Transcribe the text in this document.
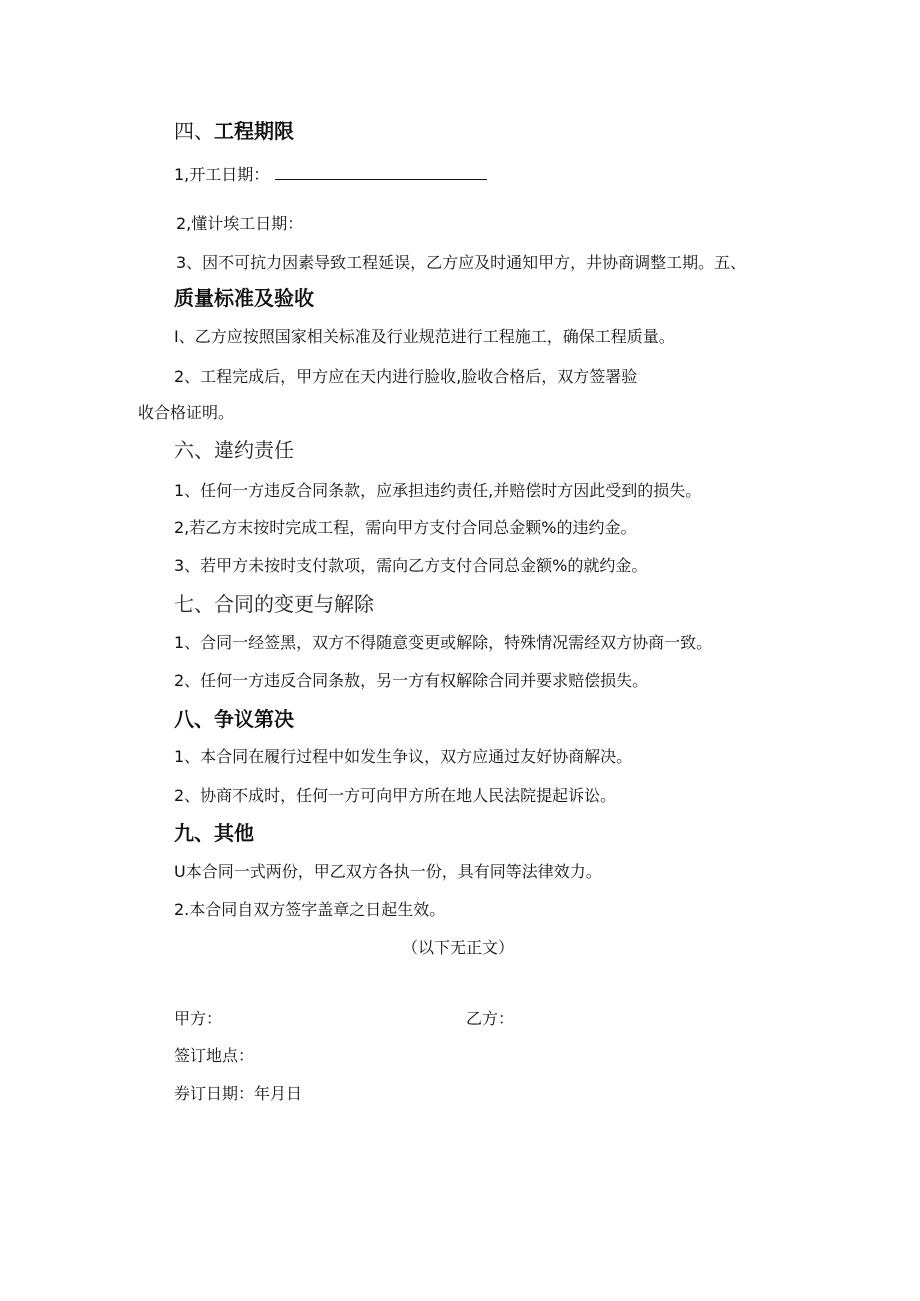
四、工程期限
1,开工日期：
2,懂计埃工日期：
3、因不可抗力因素导致工程延误，乙方应及时通知甲方，井协商调整工期。五、
质量标准及验收
I、乙方应按照国家相关标准及行业规范进行工程施工，确保工程质量。
2、工程完成后，甲方应在天内进行脸收,脸收合格后，双方签署验
收合格证明。
六、違约责任
1、任何一方违反合同条款，应承担违约责任,并赔偿时方因此受到的损失。
2,若乙方末按时完成工程，需向甲方支付合同总金颗%的违约金。
3、若甲方未按时支付款项，需向乙方支付合同总金额%的就约金。
七、合同的变更与解除
1、合同一经签黑，双方不得随意变更或解除，特殊情况需经双方协商一致。
2、任何一方违反合同条敖，另一方有权解除合同并要求赔偿损失。
八、争议第决
1、本合同在履行过程中如发生争议，双方应通过友好协商解决。
2、协商不成时，任何一方可向甲方所在地人民法院提起诉讼。
九、其他
U本合同一式两份，甲乙双方各执一份，具有同等法律效力。
2.本合同自双方签字盖章之日起生效。
（以下无正文）
甲方：	乙方：
签订地点：
券订日期：年月日
